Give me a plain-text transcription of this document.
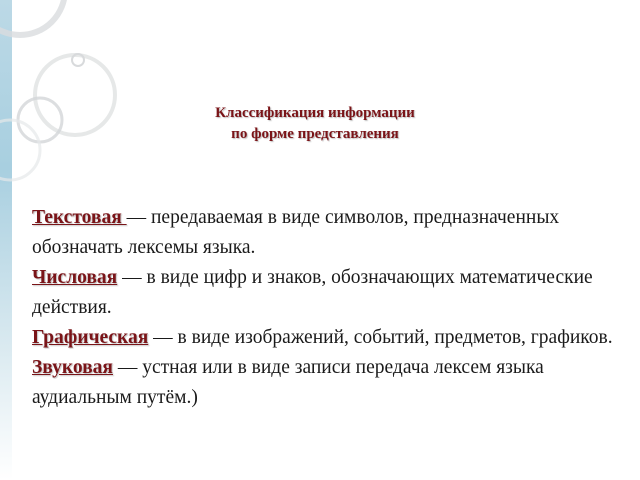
Классификация информации
по форме представления

Текстовая — передаваемая в виде символов, предназначенных обозначать лексемы языка.

Числовая — в виде цифр и знаков, обозначающих математические действия.

Графическая — в виде изображений, событий, предметов, графиков.

Звуковая — устная или в виде записи передача лексем языка аудиальным путём.)
